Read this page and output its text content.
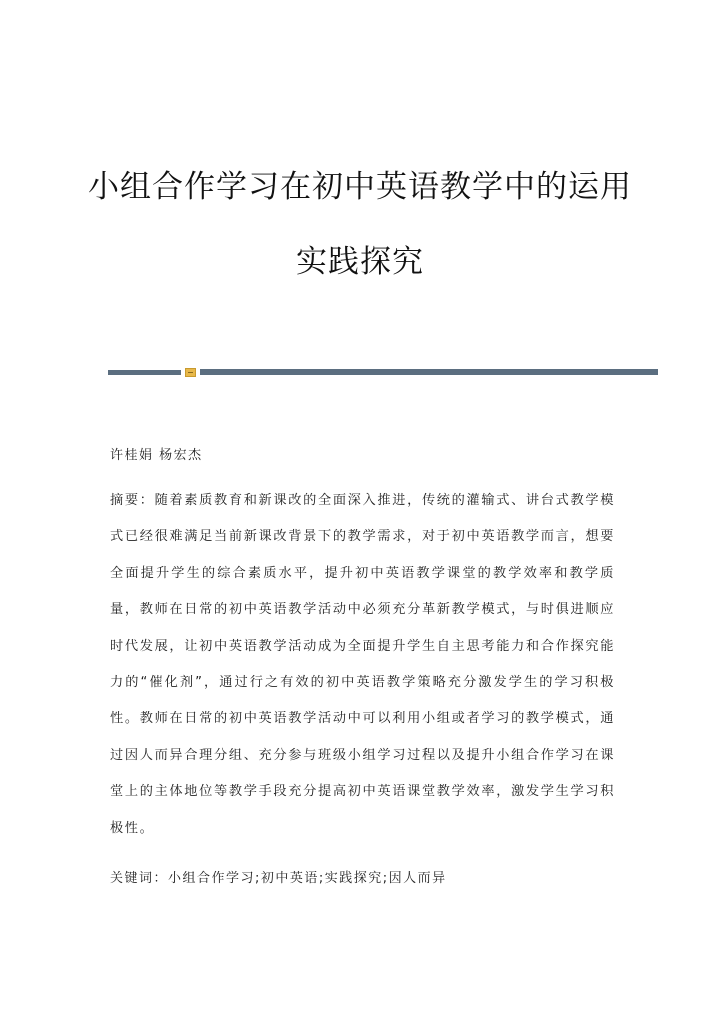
小组合作学习在初中英语教学中的运用
实践探究
许桂娟 杨宏杰
摘要：随着素质教育和新课改的全面深入推进，传统的灌输式、讲台式教学模式已经很难满足当前新课改背景下的教学需求，对于初中英语教学而言，想要全面提升学生的综合素质水平，提升初中英语教学课堂的教学效率和教学质量，教师在日常的初中英语教学活动中必须充分革新教学模式，与时俱进顺应时代发展，让初中英语教学活动成为全面提升学生自主思考能力和合作探究能力的“催化剂”，通过行之有效的初中英语教学策略充分激发学生的学习积极性。教师在日常的初中英语教学活动中可以利用小组或者学习的教学模式，通过因人而异合理分组、充分参与班级小组学习过程以及提升小组合作学习在课堂上的主体地位等教学手段充分提高初中英语课堂教学效率，激发学生学习积极性。
关键词：小组合作学习;初中英语;实践探究;因人而异
